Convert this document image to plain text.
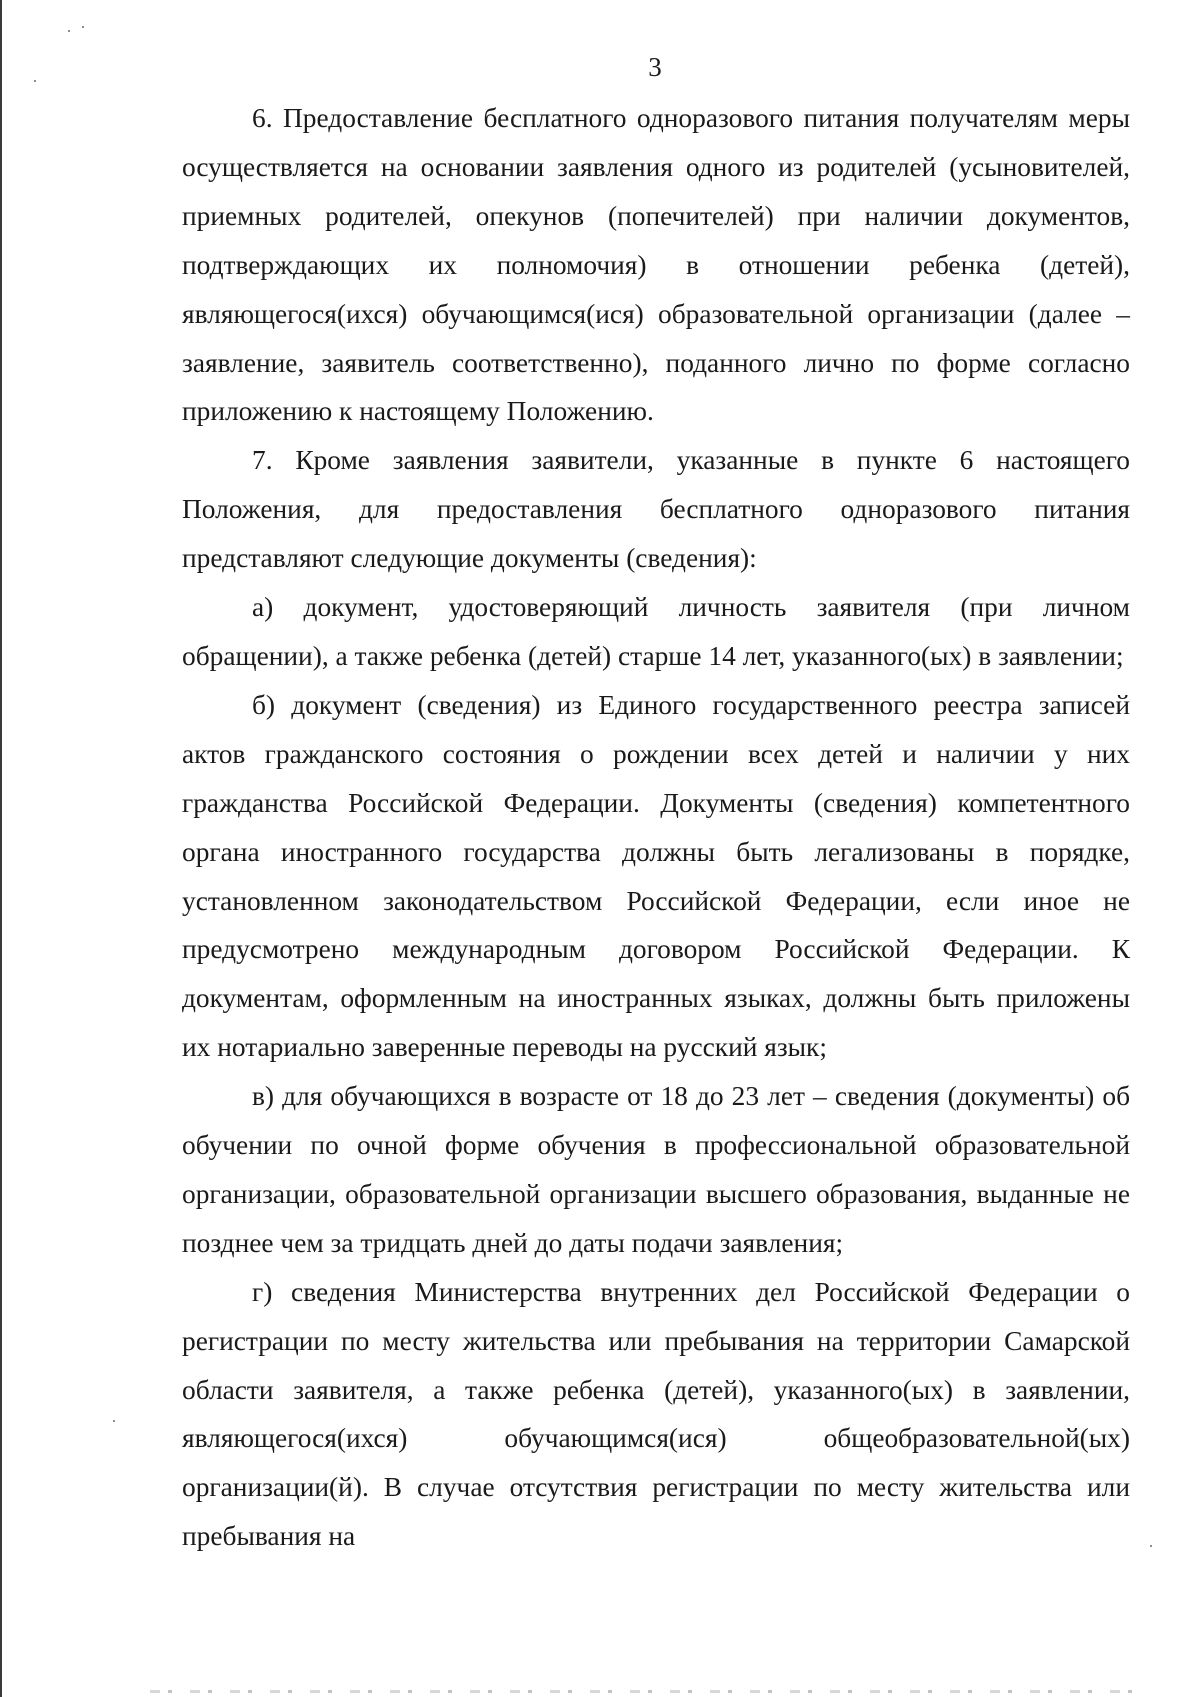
3

6. Предоставление бесплатного одноразового питания получателям меры осуществляется на основании заявления одного из родителей (усыновителей, приемных родителей, опекунов (попечителей) при наличии документов, подтверждающих их полномочия) в отношении ребенка (детей), являющегося(ихся) обучающимся(ися) образовательной организации (далее – заявление, заявитель соответственно), поданного лично по форме согласно приложению к настоящему Положению.

7. Кроме заявления заявители, указанные в пункте 6 настоящего Положения, для предоставления бесплатного одноразового питания представляют следующие документы (сведения):

а) документ, удостоверяющий личность заявителя (при личном обращении), а также ребенка (детей) старше 14 лет, указанного(ых) в заявлении;

б) документ (сведения) из Единого государственного реестра записей актов гражданского состояния о рождении всех детей и наличии у них гражданства Российской Федерации. Документы (сведения) компетентного органа иностранного государства должны быть легализованы в порядке, установленном законодательством Российской Федерации, если иное не предусмотрено международным договором Российской Федерации. К документам, оформленным на иностранных языках, должны быть приложены их нотариально заверенные переводы на русский язык;

в) для обучающихся в возрасте от 18 до 23 лет – сведения (документы) об обучении по очной форме обучения в профессиональной образовательной организации, образовательной организации высшего образования, выданные не позднее чем за тридцать дней до даты подачи заявления;

г) сведения Министерства внутренних дел Российской Федерации о регистрации по месту жительства или пребывания на территории Самарской области заявителя, а также ребенка (детей), указанного(ых) в заявлении, являющегося(ихся) обучающимся(ися) общеобразовательной(ых) организации(й). В случае отсутствия регистрации по месту жительства или пребывания на
